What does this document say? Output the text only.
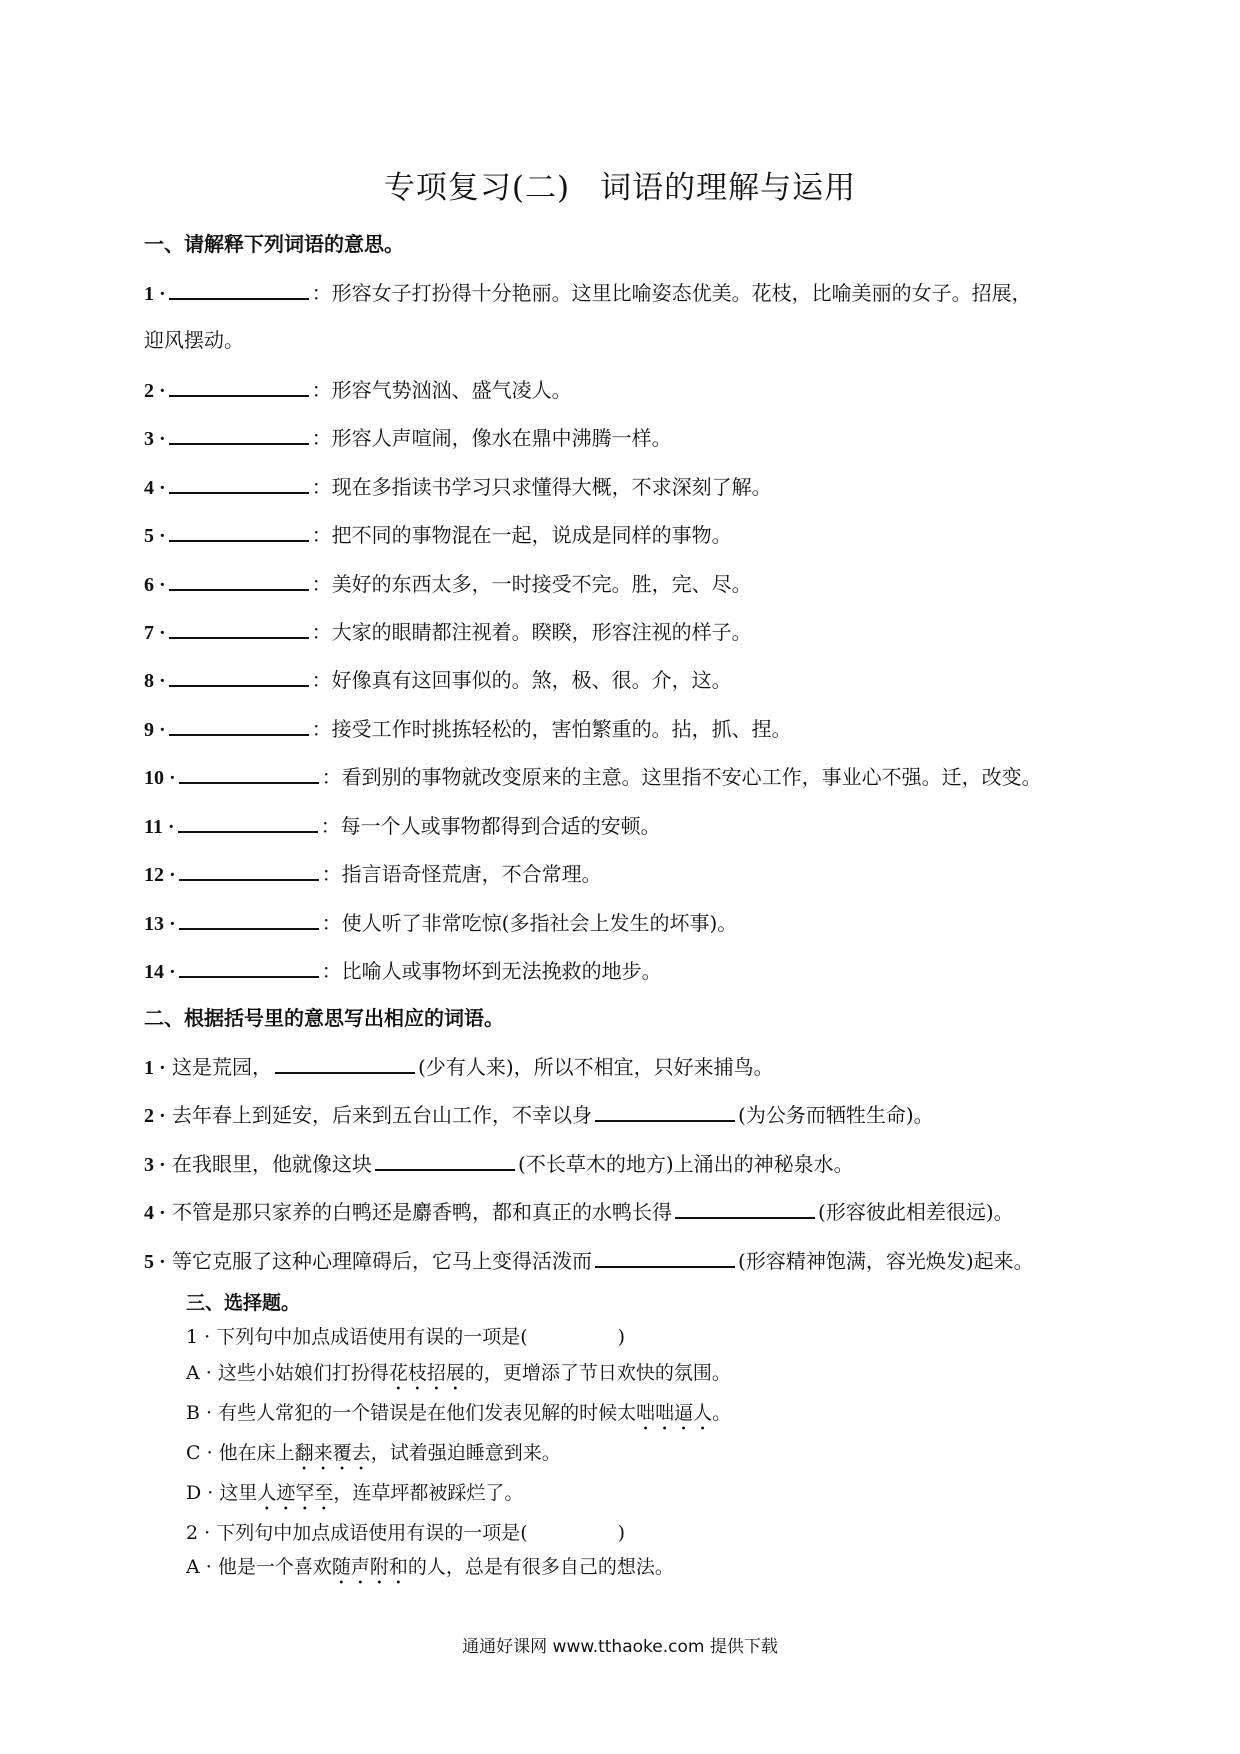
专项复习(二) 词语的理解与运用
一、请解释下列词语的意思。
1 ·	：形容女子打扮得十分艳丽。这里比喻姿态优美。花枝，比喻美丽的女子。招展，
迎风摆动。
2 ·	：形容气势汹汹、盛气凌人。
3 ·	：形容人声喧闹，像水在鼎中沸腾一样。
4 ·	：现在多指读书学习只求懂得大概，不求深刻了解。
5 ·	：把不同的事物混在一起，说成是同样的事物。
6 ·	：美好的东西太多，一时接受不完。胜，完、尽。
7 ·	：大家的眼睛都注视着。睽睽，形容注视的样子。
8 ·	：好像真有这回事似的。煞，极、很。介，这。
9 ·	：接受工作时挑拣轻松的，害怕繁重的。拈，抓、捏。
10 ·	：看到别的事物就改变原来的主意。这里指不安心工作，事业心不强。迁，改变。
11 ·	：每一个人或事物都得到合适的安顿。
12 ·	：指言语奇怪荒唐，不合常理。
13 ·	：使人听了非常吃惊(多指社会上发生的坏事)。
14 ·	：比喻人或事物坏到无法挽救的地步。
二、根据括号里的意思写出相应的词语。
1 · 这是荒园，	(少有人来)，所以不相宜，只好来捕鸟。
2 · 去年春上到延安，后来到五台山工作，不幸以身	(为公务而牺牲生命)。
3 · 在我眼里，他就像这块	(不长草木的地方)上涌出的神秘泉水。
4 · 不管是那只家养的白鸭还是麝香鸭，都和真正的水鸭长得	(形容彼此相差很远)。
5 · 等它克服了这种心理障碍后，它马上变得活泼而	(形容精神饱满，容光焕发)起来。
三、选择题。
1 · 下列句中加点成语使用有误的一项是(	)
A · 这些小姑娘们打扮得花枝招展的，更增添了节日欢快的氛围。
B · 有些人常犯的一个错误是在他们发表见解的时候太咄咄逼人。
C · 他在床上翻来覆去，试着强迫睡意到来。
D · 这里人迹罕至，连草坪都被踩烂了。
2 · 下列句中加点成语使用有误的一项是(	)
A · 他是一个喜欢随声附和的人，总是有很多自己的想法。
通通好课网 www.tthaoke.com 提供下载
